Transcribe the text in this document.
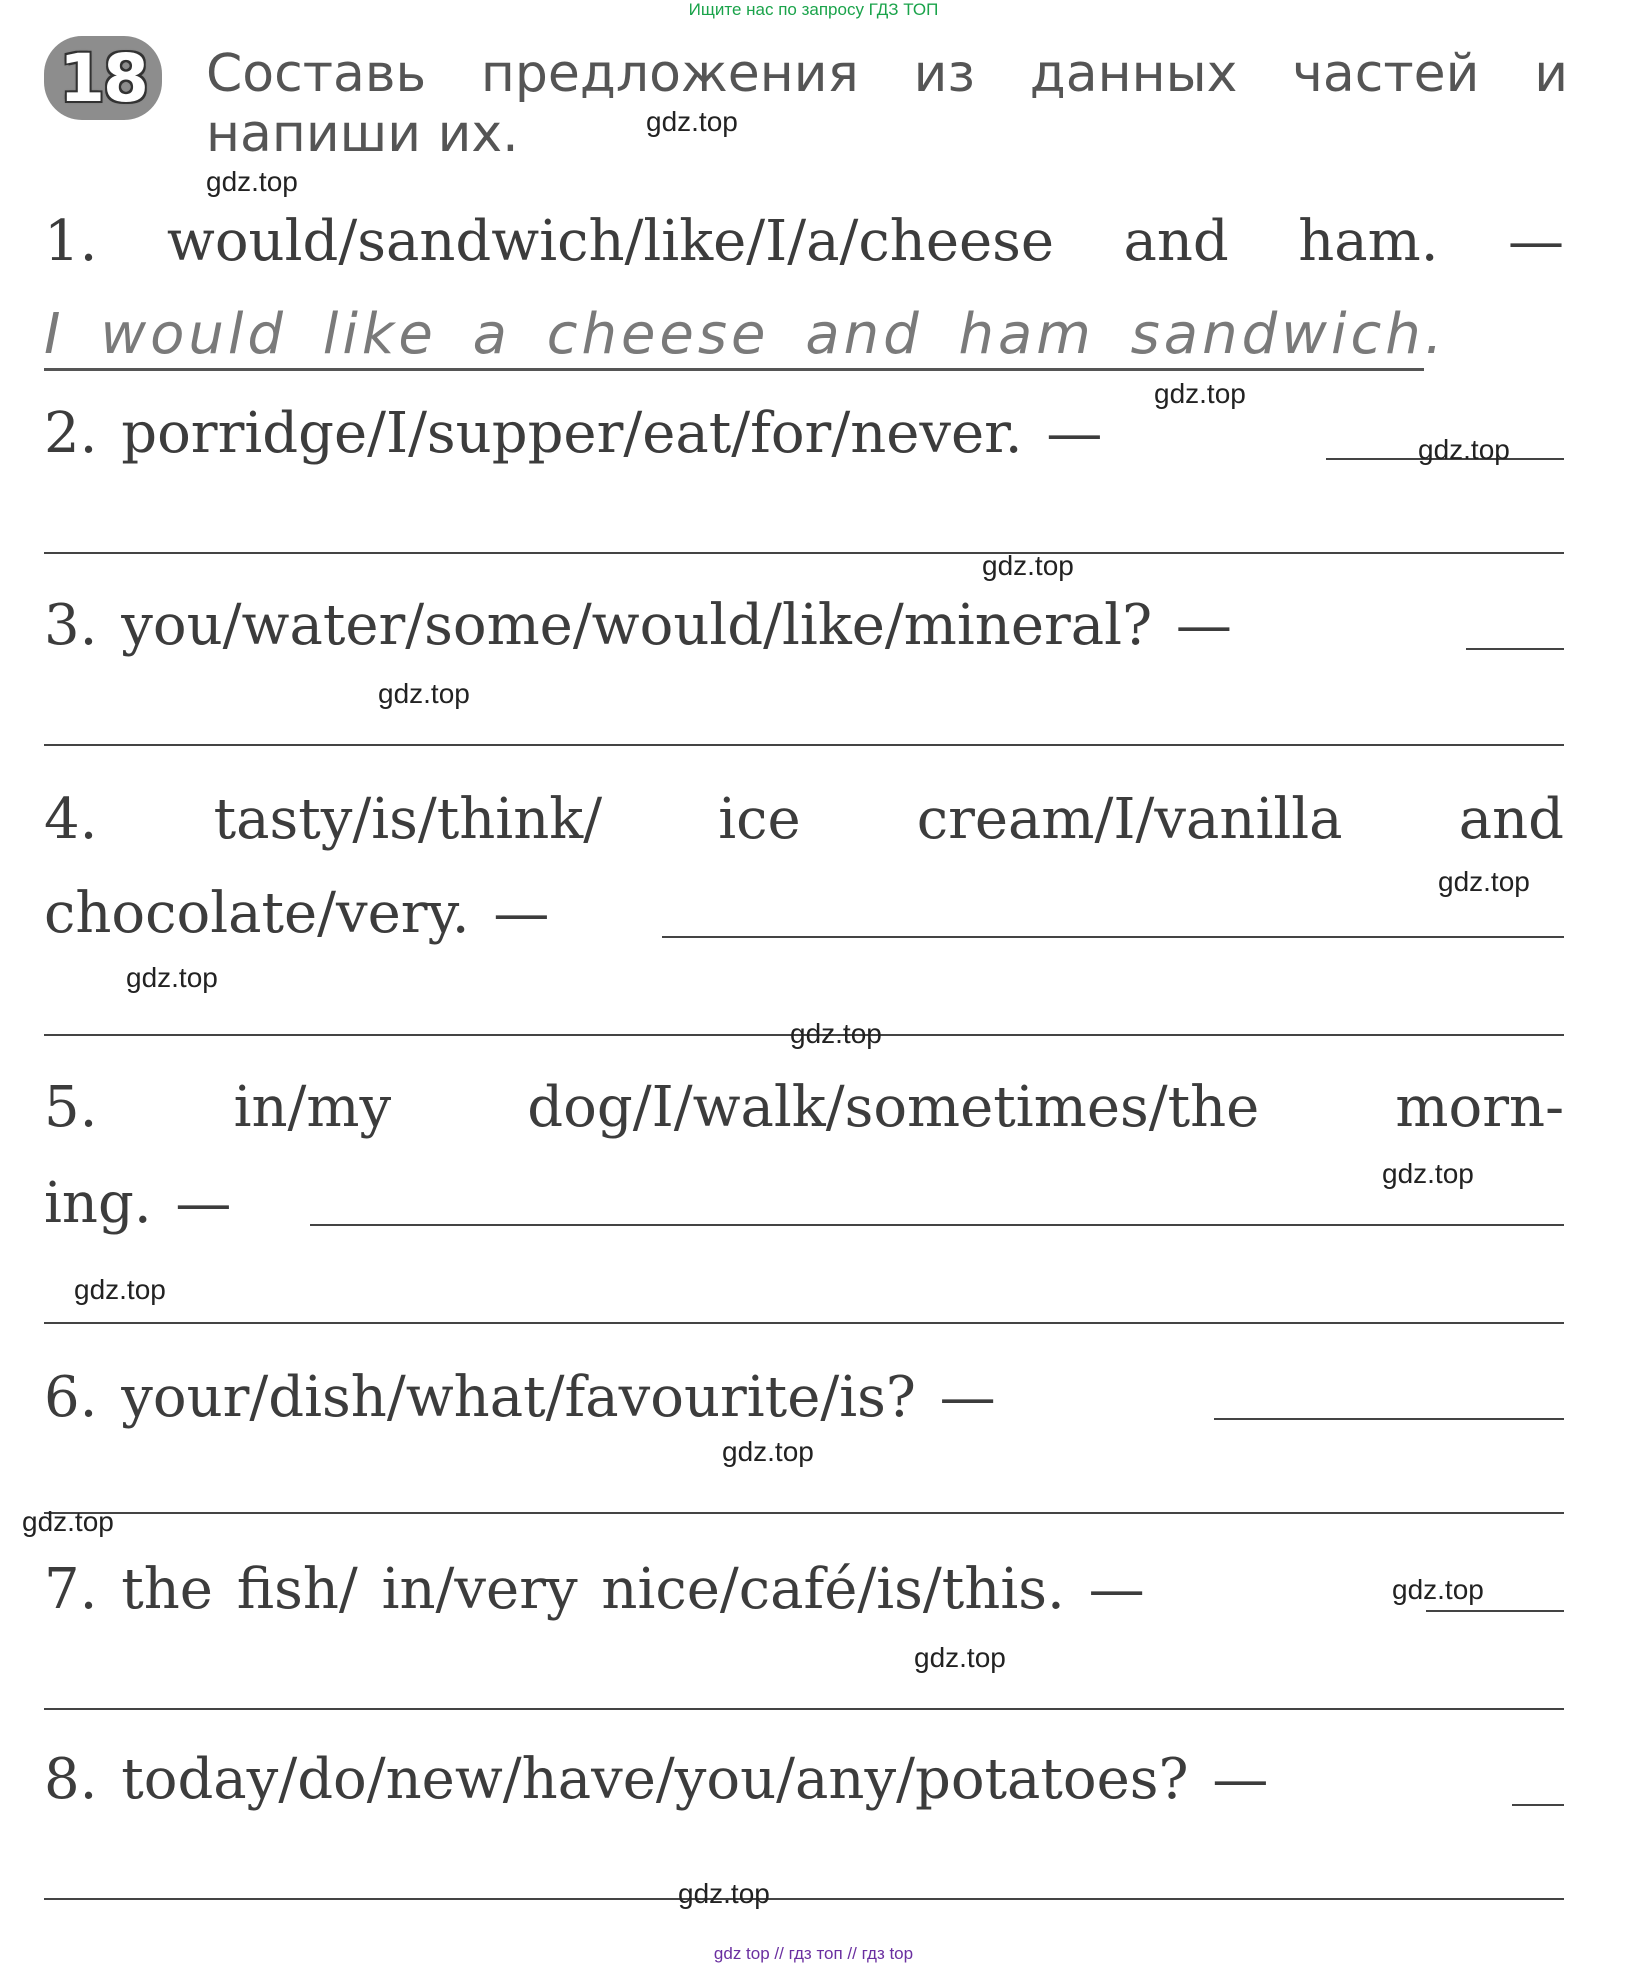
Ищите нас по запросу ГДЗ ТОП
18 Составь предложения из данных частей и напиши их.
1. would/sandwich/like/I/a/cheese and ham. —
I would like a cheese and ham sandwich.
2. porridge/I/supper/eat/for/never. —
3. you/water/some/would/like/mineral? —
4. tasty/is/think/ ice cream/I/vanilla and
chocolate/very. —
5. in/my dog/I/walk/sometimes/the morn-
ing. —
6. your/dish/what/favourite/is? —
7. the fish/ in/very nice/café/is/this. —
8. today/do/new/have/you/any/potatoes? —
gdz.top
gdz.top
gdz.top
gdz.top
gdz.top
gdz.top
gdz.top
gdz.top
gdz.top
gdz.top
gdz.top
gdz.top
gdz.top
gdz.top
gdz.top
gdz.top
gdz top // гдз топ // гдз top
